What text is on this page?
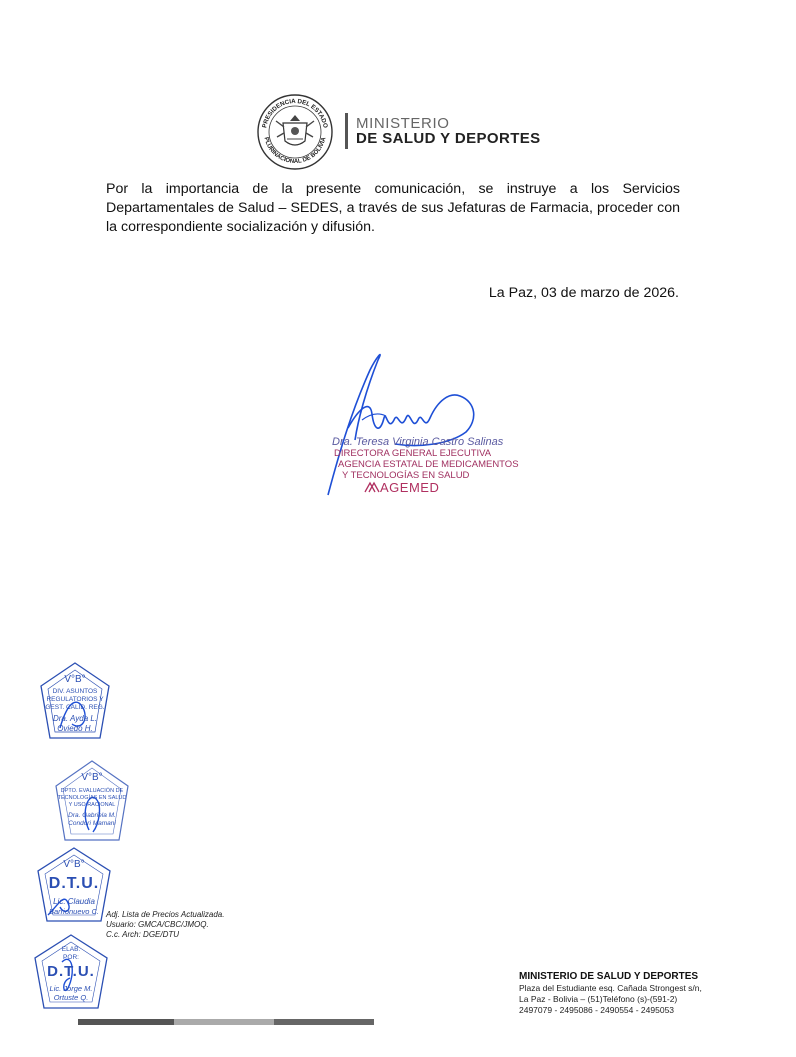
PRESIDENCIA DEL ESTADO
PLURINACIONAL DE BOLIVIA
MINISTERIO
DE SALUD Y DEPORTES

Por la importancia de la presente comunicación, se instruye a los Servicios Departamentales de Salud – SEDES, a través de sus Jefaturas de Farmacia, proceder con la correspondiente socialización y difusión.

La Paz, 03 de marzo de 2026.
Dra. Teresa Virginia Castro Salinas
DIRECTORA GENERAL EJECUTIVA
AGENCIA ESTATAL DE MEDICAMENTOS
Y TECNOLOGÍAS EN SALUD
AGEMED
V°B°
DIV. ASUNTOS
REGULATORIOS Y
GEST. CALID. REG.
Dra. Ayda L.
Oviedo H.
V°B°
DPTO. EVALUACIÓN DE
TECNOLOGÍAS EN SALUD
Y USO RACIONAL
Dra. Gabriela M.
Condori Mamani
V°B°
D.T.U.
Lic. Claudia
Barrionuevo C.
ELAB.
POR:
D.T.U.
Lic. Jorge M.
Ortuste Q.
Adj. Lista de Precios Actualizada.
Usuario: GMCA/CBC/JMOQ.
C.c. Arch: DGE/DTU
MINISTERIO DE SALUD Y DEPORTES
Plaza del Estudiante esq. Cañada Strongest s/n,
La Paz - Bolivia – (51)Teléfono (s)-(591-2)
2497079 - 2495086 - 2490554 - 2495053
